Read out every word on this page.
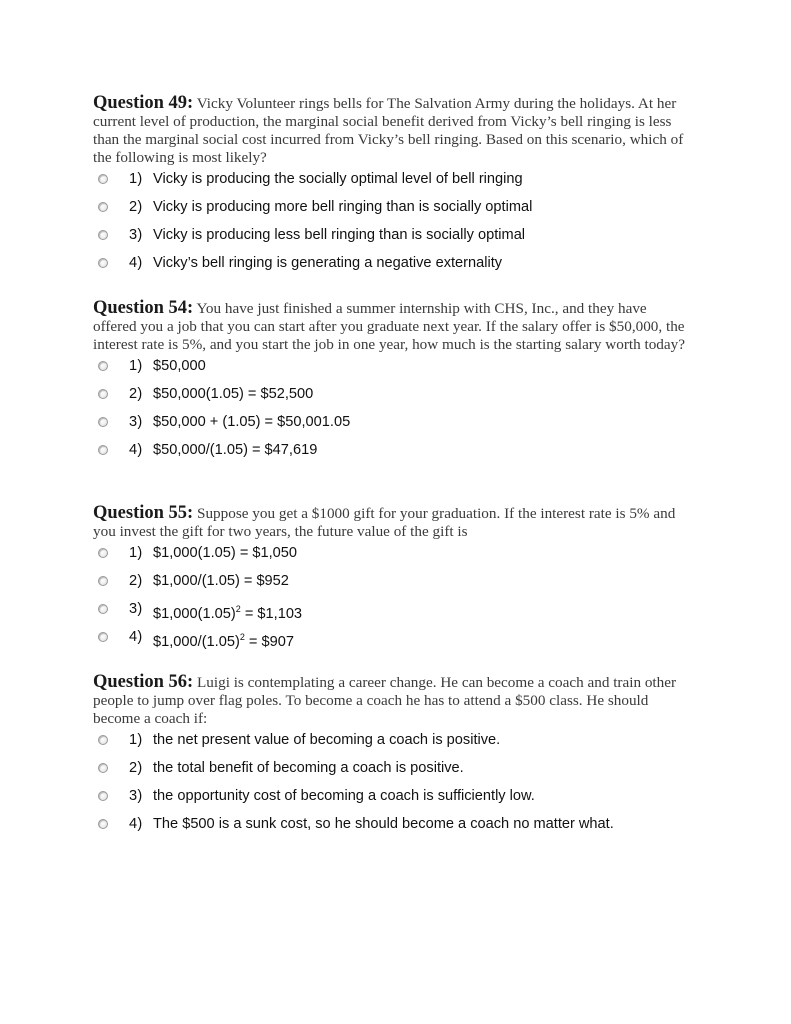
Question 49: Vicky Volunteer rings bells for The Salvation Army during the holidays. At her current level of production, the marginal social benefit derived from Vicky’s bell ringing is less than the marginal social cost incurred from Vicky’s bell ringing. Based on this scenario, which of the following is most likely?

1) Vicky is producing the socially optimal level of bell ringing
2) Vicky is producing more bell ringing than is socially optimal
3) Vicky is producing less bell ringing than is socially optimal
4) Vicky’s bell ringing is generating a negative externality

Question 54: You have just finished a summer internship with CHS, Inc., and they have offered you a job that you can start after you graduate next year. If the salary offer is $50,000, the interest rate is 5%, and you start the job in one year, how much is the starting salary worth today?

1) $50,000
2) $50,000(1.05) = $52,500
3) $50,000 + (1.05) = $50,001.05
4) $50,000/(1.05) = $47,619

Question 55: Suppose you get a $1000 gift for your graduation. If the interest rate is 5% and you invest the gift for two years, the future value of the gift is

1) $1,000(1.05) = $1,050
2) $1,000/(1.05) = $952
3) $\$1,000(1.05)^2$ = $1,103
4) $\$1,000/(1.05)^2$ = $907

Question 56: Luigi is contemplating a career change. He can become a coach and train other people to jump over flag poles. To become a coach he has to attend a $500 class. He should become a coach if:

1) the net present value of becoming a coach is positive.
2) the total benefit of becoming a coach is positive.
3) the opportunity cost of becoming a coach is sufficiently low.
4) The $500 is a sunk cost, so he should become a coach no matter what.
